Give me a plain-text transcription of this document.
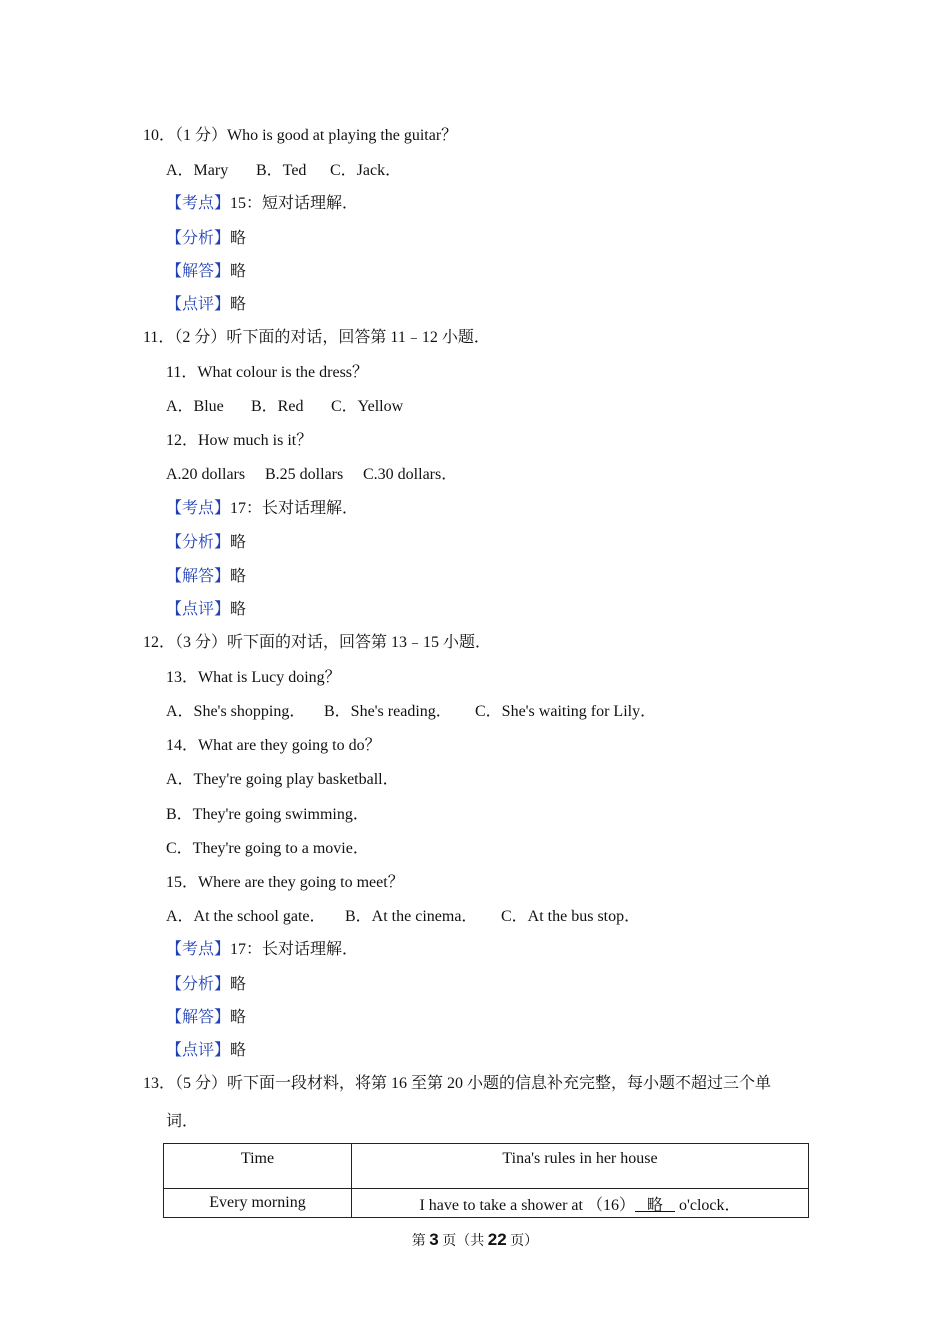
10．（1 分）Who is good at playing the guitar？
A．Mary B．Ted C．Jack．
【考点】15：短对话理解．
【分析】略
【解答】略
【点评】略
11．（2 分）听下面的对话，回答第 11﹣12 小题．
11．What colour is the dress？
A．Blue B．Red C．Yellow
12．How much is it？
A.20 dollars B.25 dollars C.30 dollars．
【考点】17：长对话理解．
【分析】略
【解答】略
【点评】略
12．（3 分）听下面的对话，回答第 13﹣15 小题．
13．What is Lucy doing？
A．She's shopping． B．She's reading． C．She's waiting for Lily．
14．What are they going to do？
A．They're going play basketball．
B．They're going swimming．
C．They're going to a movie．
15．Where are they going to meet？
A．At the school gate． B．At the cinema． C．At the bus stop．
【考点】17：长对话理解．
【分析】略
【解答】略
【点评】略
13．（5 分）听下面一段材料，将第 16 至第 20 小题的信息补充完整，每小题不超过三个单
词．
Time	Tina's rules in her house
Every morning	I have to take a shower at （16）   略    o'clock．
第 3 页（共 22 页）
